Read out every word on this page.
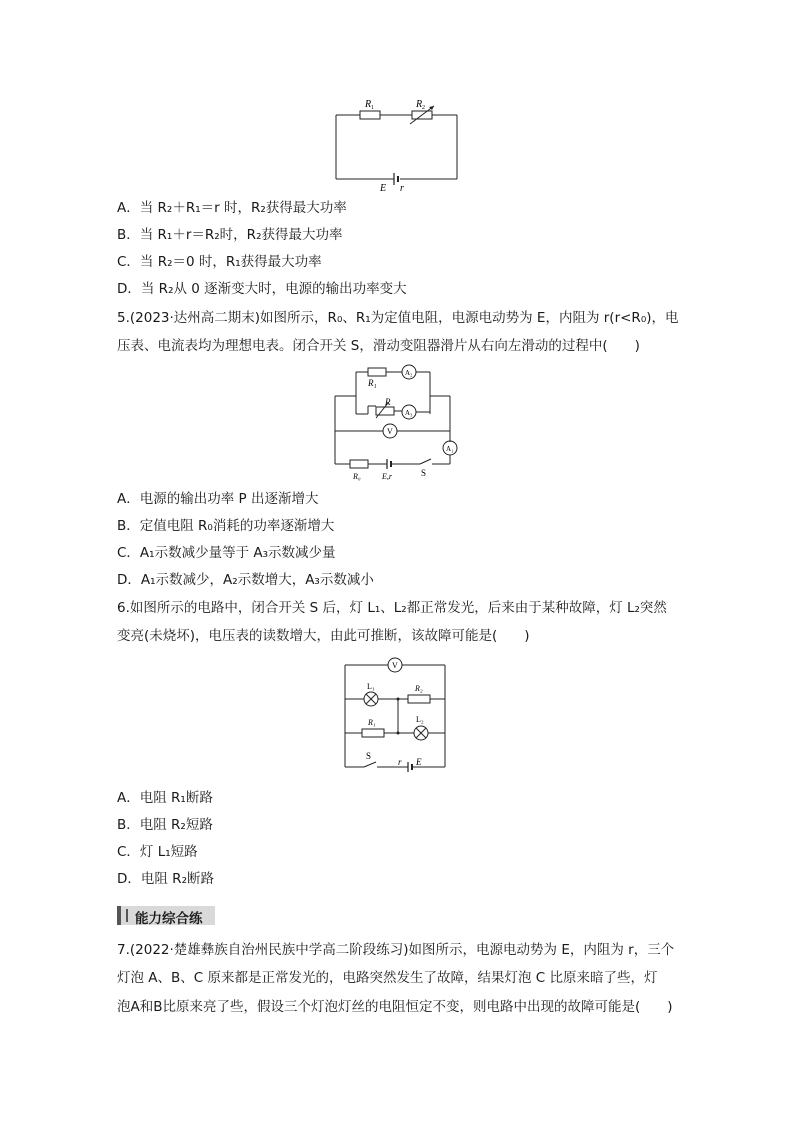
R 1	R 2
E r
A．当 R₂＋R₁＝r 时，R₂获得最大功率
B．当 R₁＋r＝R₂时，R₂获得最大功率
C．当 R₂＝0 时，R₁获得最大功率
D．当 R₂从 0 逐渐变大时，电源的输出功率变大
5.(2023·达州高二期末)如图所示，R₀、R₁为定值电阻，电源电动势为 E，内阻为 r(r<R₀)，电
压表、电流表均为理想电表。闭合开关 S，滑动变阻器滑片从右向左滑动的过程中(　　)
R₁
R
A₂
A₃
V
A₁
R₀	E,r	S
A．电源的输出功率 P 出逐渐增大
B．定值电阻 R₀消耗的功率逐渐增大
C．A₁示数减少量等于 A₃示数减少量
D．A₁示数减少，A₂示数增大，A₃示数减小
6.如图所示的电路中，闭合开关 S 后，灯 L₁、L₂都正常发光，后来由于某种故障，灯 L₂突然
变亮(未烧坏)，电压表的读数增大，由此可推断，该故障可能是(　　)
V
L₁	R₂
R₁	L₂
S
r E
A．电阻 R₁断路
B．电阻 R₂短路
C．灯 L₁短路
D．电阻 R₂断路
能力综合练
7.(2022·楚雄彝族自治州民族中学高二阶段练习)如图所示，电源电动势为 E，内阻为 r，三个
灯泡 A、B、C 原来都是正常发光的，电路突然发生了故障，结果灯泡 C 比原来暗了些，灯
泡A和B比原来亮了些，假设三个灯泡灯丝的电阻恒定不变，则电路中出现的故障可能是(　　)
